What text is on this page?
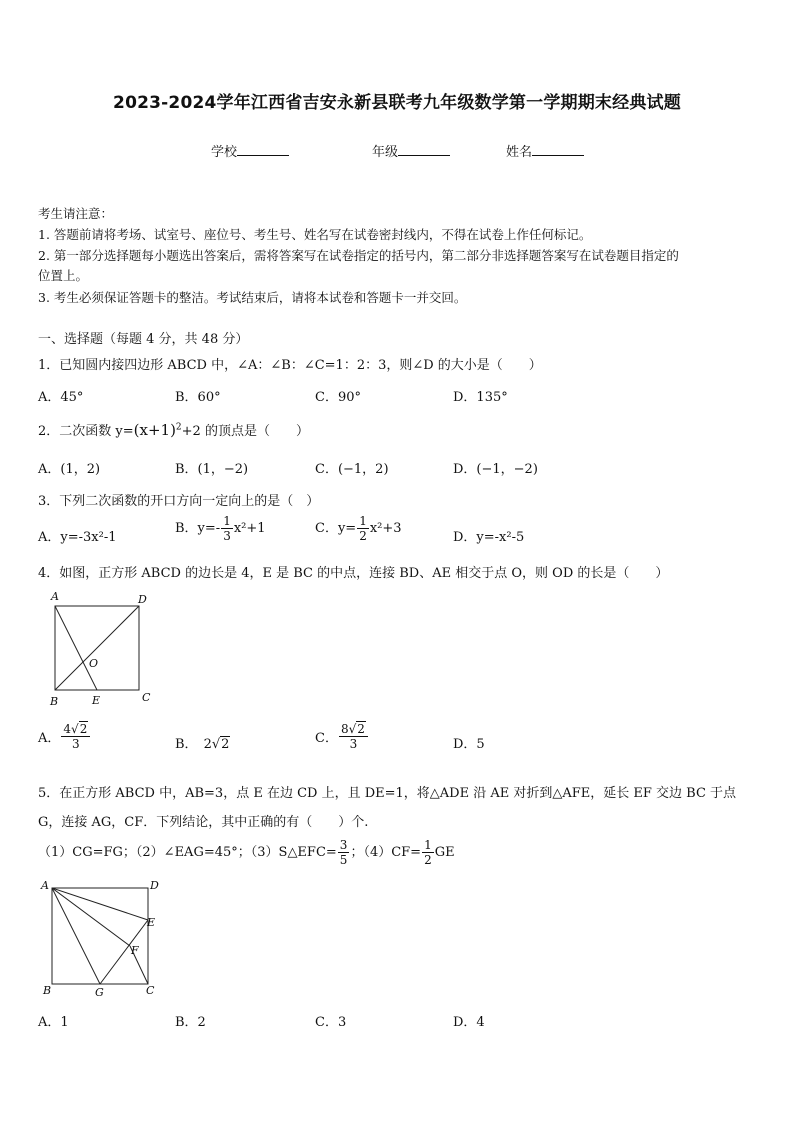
2023-2024学年江西省吉安永新县联考九年级数学第一学期期末经典试题
学校	年级	姓名
考生请注意：
1. 答题前请将考场、试室号、座位号、考生号、姓名写在试卷密封线内，不得在试卷上作任何标记。
2. 第一部分选择题每小题选出答案后，需将答案写在试卷指定的括号内，第二部分非选择题答案写在试卷题目指定的
位置上。
3. 考生必须保证答题卡的整洁。考试结束后，请将本试卷和答题卡一并交回。
一、选择题（每题 4 分，共 48 分）
1．已知圆内接四边形 ABCD 中，∠A：∠B：∠C=1：2：3，则∠D 的大小是（　　）
A．45°	B．60°	C．90°	D．135°
2．二次函数 $y=(x+1)^2+2$ 的顶点是（　　）
A．(1，2)	B．(1，−2)	C．(−1，2)	D．(−1，−2)
3．下列二次函数的开口方向一定向上的是（　）
A．y=-3x²-1
B．$y=- \frac{1}{3} x^2+1$	C．$y= \frac{1}{2} x^2+3$
D．y=-x²-5
4．如图，正方形 ABCD 的边长是 4，E 是 BC 的中点，连接 BD、AE 相交于点 O，则 OD 的长是（　　）
A	D
B	C
E
O
A． $\frac{4√2}{3}$	B． 2√2	C． $\frac{8√2}{3}$	D．5
5．在正方形 ABCD 中，AB=3，点 E 在边 CD 上，且 DE=1，将△ADE 沿 AE 对折到△AFE，延长 EF 交边 BC 于点
G，连接 AG，CF．下列结论，其中正确的有（　　）个.
（1）CG=FG；（2）∠EAG=45°；（3）S△EFC= $\frac{3}{5}$ ；$(4)CF= \frac{1}{2}$ GE
A	D
E
F
B	G	C
A．1	B．2	C．3	D．4
